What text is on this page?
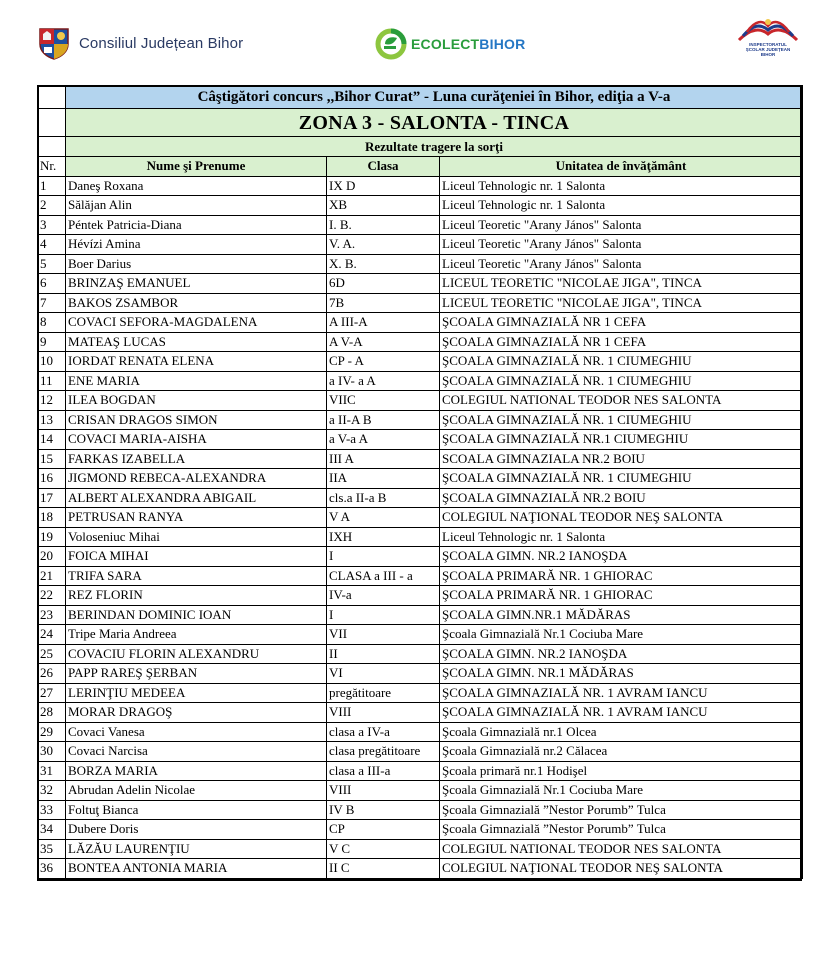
Consiliul Județean Bihor	ECOLECTBIHOR	INSPECTORATUL
ȘCOLAR JUDEȚEAN
BIHOR
	Câştigători concurs ,,Bihor Curat” - Luna curăţeniei în Bihor, ediţia a V-a		
	ZONA 3 - SALONTA - TINCA		
	Rezultate tragere la sorţi		
Nr.	Nume şi Prenume	Clasa	Unitatea de învăţământ
1	Daneş Roxana	IX D	Liceul Tehnologic nr. 1 Salonta
2	Sălăjan Alin	XB	Liceul Tehnologic nr. 1 Salonta
3	Péntek Patricia-Diana	I. B.	Liceul Teoretic "Arany János" Salonta
4	Hévízi Amina	V. A.	Liceul Teoretic "Arany János" Salonta
5	Boer Darius	X. B.	Liceul Teoretic "Arany János" Salonta
6	BRINZAŞ EMANUEL	6D	LICEUL TEORETIC "NICOLAE JIGA", TINCA
7	BAKOS ZSAMBOR	7B	LICEUL TEORETIC "NICOLAE JIGA", TINCA
8	COVACI SEFORA-MAGDALENA	A III-A	ŞCOALA GIMNAZIALĂ NR 1 CEFA
9	MATEAŞ LUCAS	A V-A	ŞCOALA GIMNAZIALĂ NR 1 CEFA
10	IORDAT RENATA ELENA	CP - A	ŞCOALA GIMNAZIALĂ NR. 1 CIUMEGHIU
11	ENE MARIA	a IV- a A	ŞCOALA GIMNAZIALĂ NR. 1 CIUMEGHIU
12	ILEA BOGDAN	VIIC	COLEGIUL NATIONAL TEODOR NES SALONTA
13	CRISAN DRAGOS SIMON	a II-A B	ŞCOALA GIMNAZIALĂ NR. 1 CIUMEGHIU
14	COVACI MARIA-AISHA	a V-a A	ŞCOALA GIMNAZIALĂ NR.1 CIUMEGHIU
15	FARKAS IZABELLA	III A	SCOALA GIMNAZIALA NR.2 BOIU
16	JIGMOND REBECA-ALEXANDRA	IIA	ŞCOALA GIMNAZIALĂ NR. 1 CIUMEGHIU
17	ALBERT ALEXANDRA ABIGAIL	cls.a II-a B	ŞCOALA GIMNAZIALĂ NR.2 BOIU
18	PETRUSAN RANYA	V A	COLEGIUL NAŢIONAL TEODOR NEŞ SALONTA
19	Voloseniuc Mihai	IXH	Liceul Tehnologic nr. 1 Salonta
20	FOICA MIHAI	I	ŞCOALA GIMN. NR.2 IANOŞDA
21	TRIFA SARA	CLASA a III - a	ŞCOALA PRIMARĂ NR. 1 GHIORAC
22	REZ FLORIN	IV-a	ŞCOALA PRIMARĂ NR. 1 GHIORAC
23	BERINDAN DOMINIC IOAN	I	ŞCOALA GIMN.NR.1 MĂDĂRAS
24	Tripe Maria Andreea	VII	Şcoala Gimnazială Nr.1 Cociuba Mare
25	COVACIU FLORIN ALEXANDRU	II	ŞCOALA GIMN. NR.2 IANOŞDA
26	PAPP RAREŞ ŞERBAN	VI	ŞCOALA GIMN. NR.1 MĂDĂRAS
27	LERINŢIU MEDEEA	pregătitoare	ŞCOALA GIMNAZIALĂ NR. 1 AVRAM IANCU
28	MORAR DRAGOŞ	VIII	ŞCOALA GIMNAZIALĂ NR. 1 AVRAM IANCU
29	Covaci Vanesa	clasa a IV-a	Şcoala Gimnazială nr.1 Olcea
30	Covaci Narcisa	clasa pregătitoare	Şcoala Gimnazială nr.2 Călacea
31	BORZA MARIA	clasa a III-a	Şcoala primară nr.1 Hodişel
32	Abrudan Adelin Nicolae	VIII	Şcoala Gimnazială Nr.1 Cociuba Mare
33	Foltuţ Bianca	IV B	Şcoala Gimnazială ”Nestor Porumb” Tulca
34	Dubere Doris	CP	Şcoala Gimnazială ”Nestor Porumb” Tulca
35	LĂZĂU LAURENŢIU	V C	COLEGIUL NATIONAL TEODOR NES SALONTA
36	BONTEA ANTONIA MARIA	II C	COLEGIUL NAŢIONAL TEODOR NEŞ SALONTA
